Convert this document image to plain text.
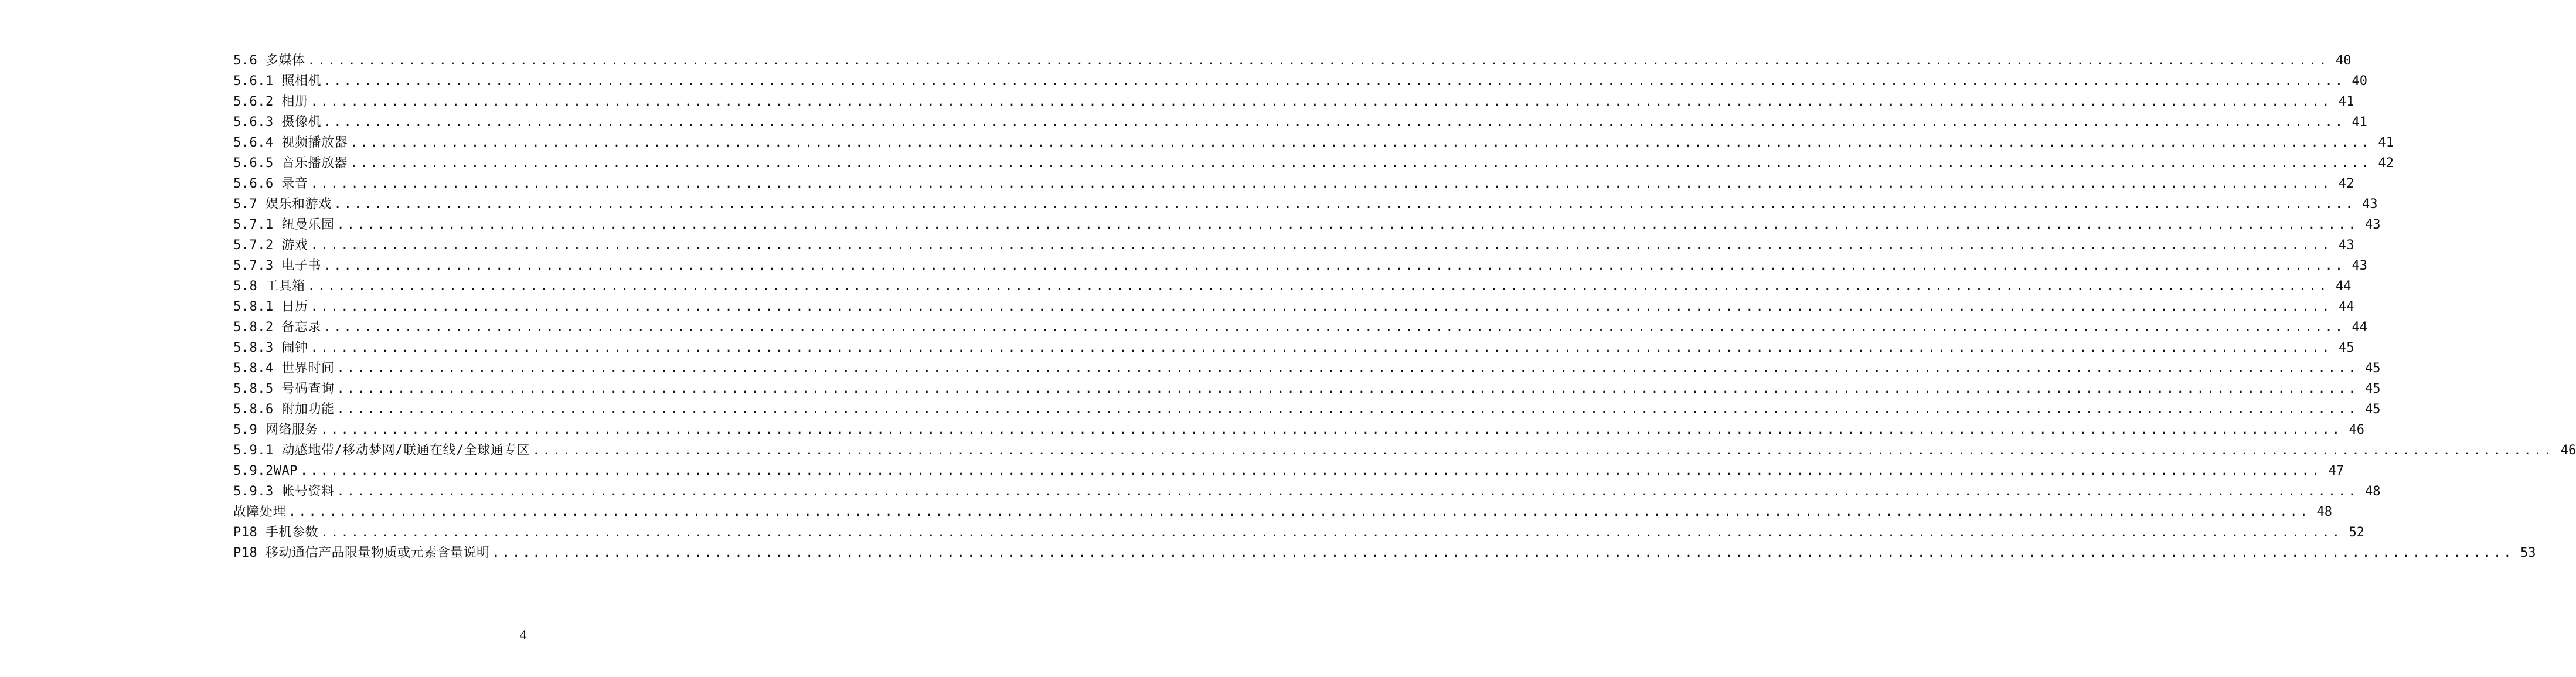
5.6 多媒体 ........................................................................................................................................................................................................ 40
5.6.1 照相机 ........................................................................................................................................................................................................ 40
5.6.2 相册 ........................................................................................................................................................................................................ 41
5.6.3 摄像机 ........................................................................................................................................................................................................ 41
5.6.4 视频播放器 ........................................................................................................................................................................................................ 41
5.6.5 音乐播放器 ........................................................................................................................................................................................................ 42
5.6.6 录音 ........................................................................................................................................................................................................ 42
5.7 娱乐和游戏 ........................................................................................................................................................................................................ 43
5.7.1 纽曼乐园 ........................................................................................................................................................................................................ 43
5.7.2 游戏 ........................................................................................................................................................................................................ 43
5.7.3 电子书 ........................................................................................................................................................................................................ 43
5.8 工具箱 ........................................................................................................................................................................................................ 44
5.8.1 日历 ........................................................................................................................................................................................................ 44
5.8.2 备忘录 ........................................................................................................................................................................................................ 44
5.8.3 闹钟 ........................................................................................................................................................................................................ 45
5.8.4 世界时间 ........................................................................................................................................................................................................ 45
5.8.5 号码查询 ........................................................................................................................................................................................................ 45
5.8.6 附加功能 ........................................................................................................................................................................................................ 45
5.9 网络服务 ........................................................................................................................................................................................................ 46
5.9.1 动感地带/移动梦网/联通在线/全球通专区 ........................................................................................................................................................................................................ 46
5.9.2WAP ........................................................................................................................................................................................................ 47
5.9.3 帐号资料 ........................................................................................................................................................................................................ 48
故障处理 ........................................................................................................................................................................................................ 48
P18 手机参数 ........................................................................................................................................................................................................ 52
P18 移动通信产品限量物质或元素含量说明 ........................................................................................................................................................................................................ 53
4
